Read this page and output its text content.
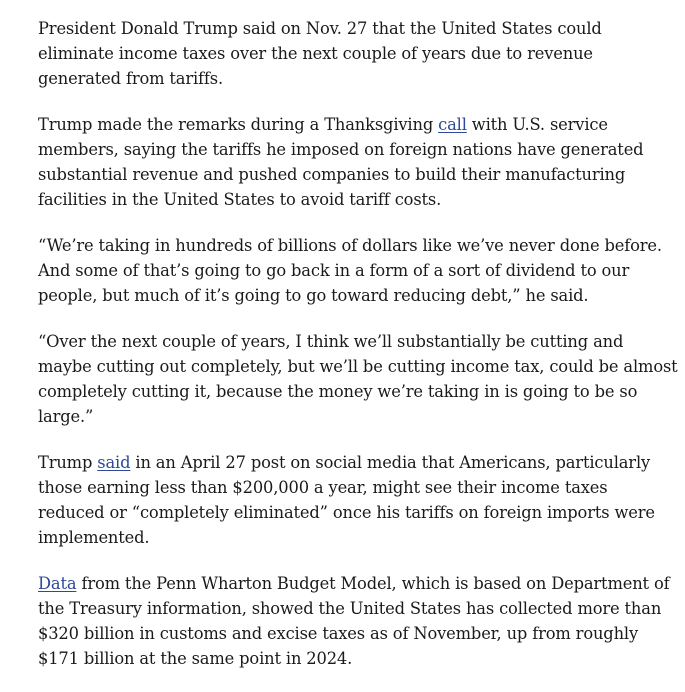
President Donald Trump said on Nov. 27 that the United States could eliminate income taxes over the next couple of years due to revenue generated from tariffs.

Trump made the remarks during a Thanksgiving call with U.S. service members, saying the tariffs he imposed on foreign nations have generated substantial revenue and pushed companies to build their manufacturing facilities in the United States to avoid tariff costs.

“We’re taking in hundreds of billions of dollars like we’ve never done before. And some of that’s going to go back in a form of a sort of dividend to our people, but much of it’s going to go toward reducing debt,” he said.

“Over the next couple of years, I think we’ll substantially be cutting and maybe cutting out completely, but we’ll be cutting income tax, could be almost completely cutting it, because the money we’re taking in is going to be so large.”

Trump said in an April 27 post on social media that Americans, particularly those earning less than $200,000 a year, might see their income taxes reduced or “completely eliminated” once his tariffs on foreign imports were implemented.

Data from the Penn Wharton Budget Model, which is based on Department of the Treasury information, showed the United States has collected more than $320 billion in customs and excise taxes as of November, up from roughly $171 billion at the same point in 2024.
